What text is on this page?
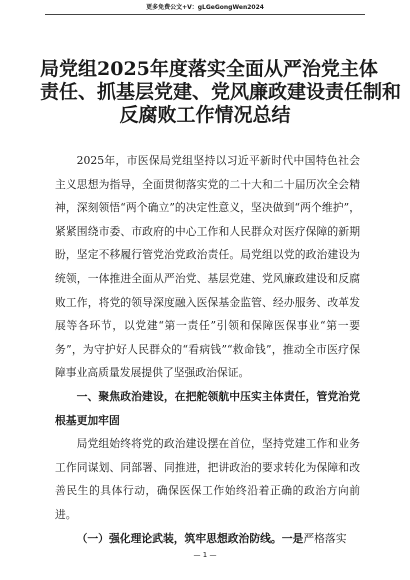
更多免费公文+V：gLGeGongWen2024
局党组2025年度落实全面从严治党主体
责任、抓基层党建、党风廉政建设责任制和
反腐败工作情况总结

2025年，市医保局党组坚持以习近平新时代中国特色社会主义思想为指导，全面贯彻落实党的二十大和二十届历次全会精神，深刻领悟“两个确立”的决定性意义，坚决做到“两个维护”，紧紧围绕市委、市政府的中心工作和人民群众对医疗保障的新期盼，坚定不移履行管党治党政治责任。局党组以党的政治建设为统领，一体推进全面从严治党、基层党建、党风廉政建设和反腐败工作，将党的领导深度融入医保基金监管、经办服务、改革发展等各环节，以党建“第一责任”引领和保障医保事业“第一要务”，为守护好人民群众的“看病钱”“救命钱”，推动全市医疗保障事业高质量发展提供了坚强政治保证。

一、聚焦政治建设，在把舵领航中压实主体责任，管党治党根基更加牢固

局党组始终将党的政治建设摆在首位，坚持党建工作和业务工作同谋划、同部署、同推进，把讲政治的要求转化为保障和改善民生的具体行动，确保医保工作始终沿着正确的政治方向前进。

（一）强化理论武装，筑牢思想政治防线。一是严格落实

— 1 —
